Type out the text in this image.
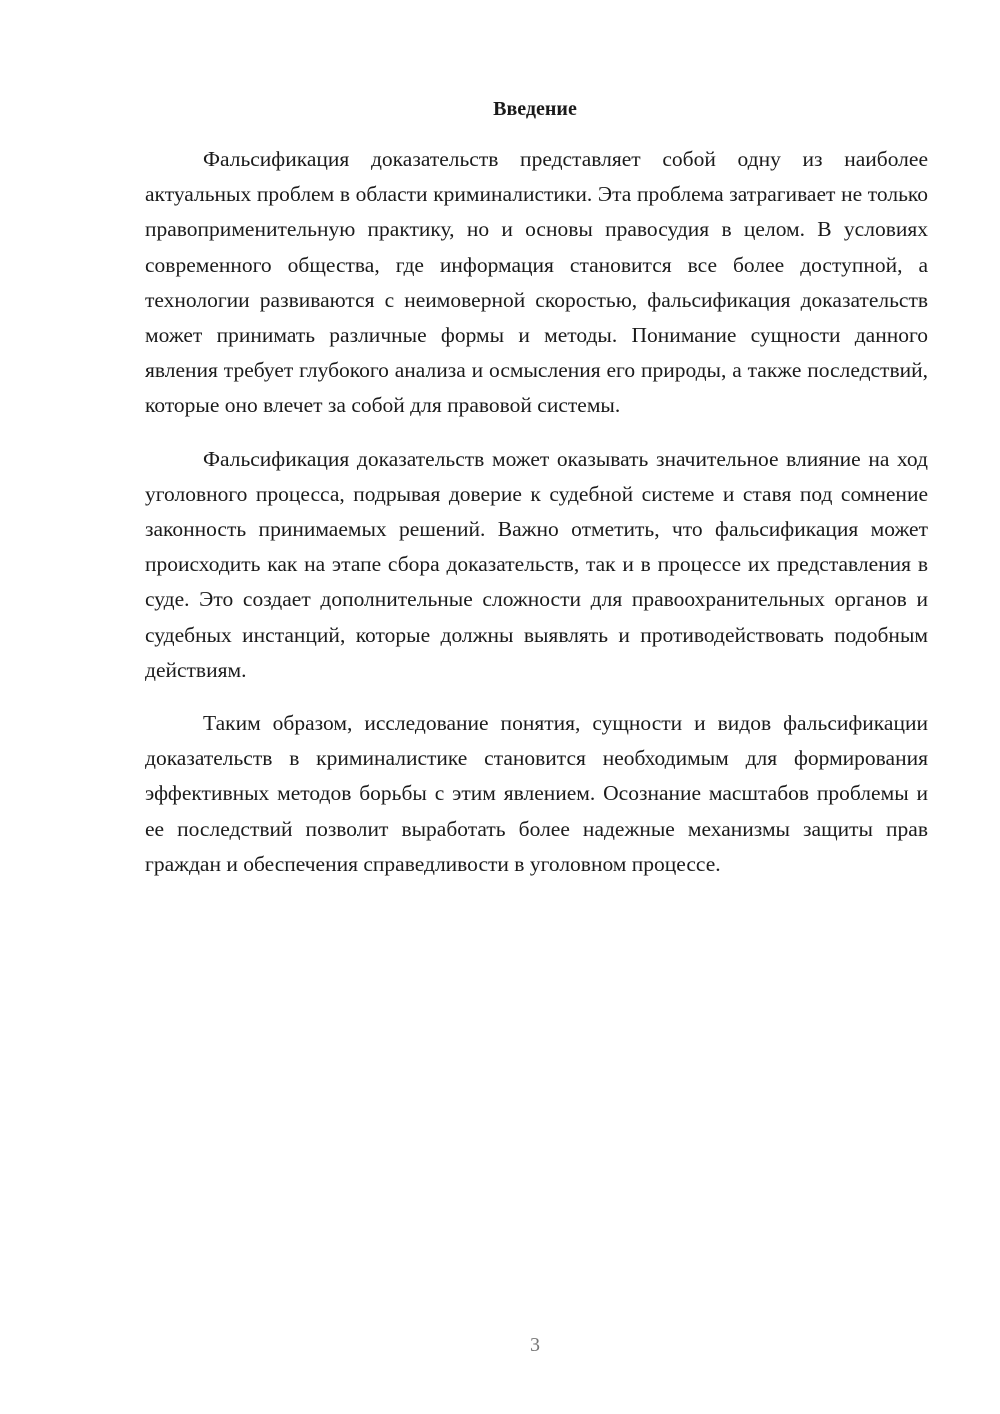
Введение

Фальсификация доказательств представляет собой одну из наиболее актуальных проблем в области криминалистики. Эта проблема затрагивает не только правоприменительную практику, но и основы правосудия в целом. В условиях современного общества, где информация становится все более доступной, а технологии развиваются с неимоверной скоростью, фальсификация доказательств может принимать различные формы и методы. Понимание сущности данного явления требует глубокого анализа и осмысления его природы, а также последствий, которые оно влечет за собой для правовой системы.

Фальсификация доказательств может оказывать значительное влияние на ход уголовного процесса, подрывая доверие к судебной системе и ставя под сомнение законность принимаемых решений. Важно отметить, что фальсификация может происходить как на этапе сбора доказательств, так и в процессе их представления в суде. Это создает дополнительные сложности для правоохранительных органов и судебных инстанций, которые должны выявлять и противодействовать подобным действиям.

Таким образом, исследование понятия, сущности и видов фальсификации доказательств в криминалистике становится необходимым для формирования эффективных методов борьбы с этим явлением. Осознание масштабов проблемы и ее последствий позволит выработать более надежные механизмы защиты прав граждан и обеспечения справедливости в уголовном процессе.

3
